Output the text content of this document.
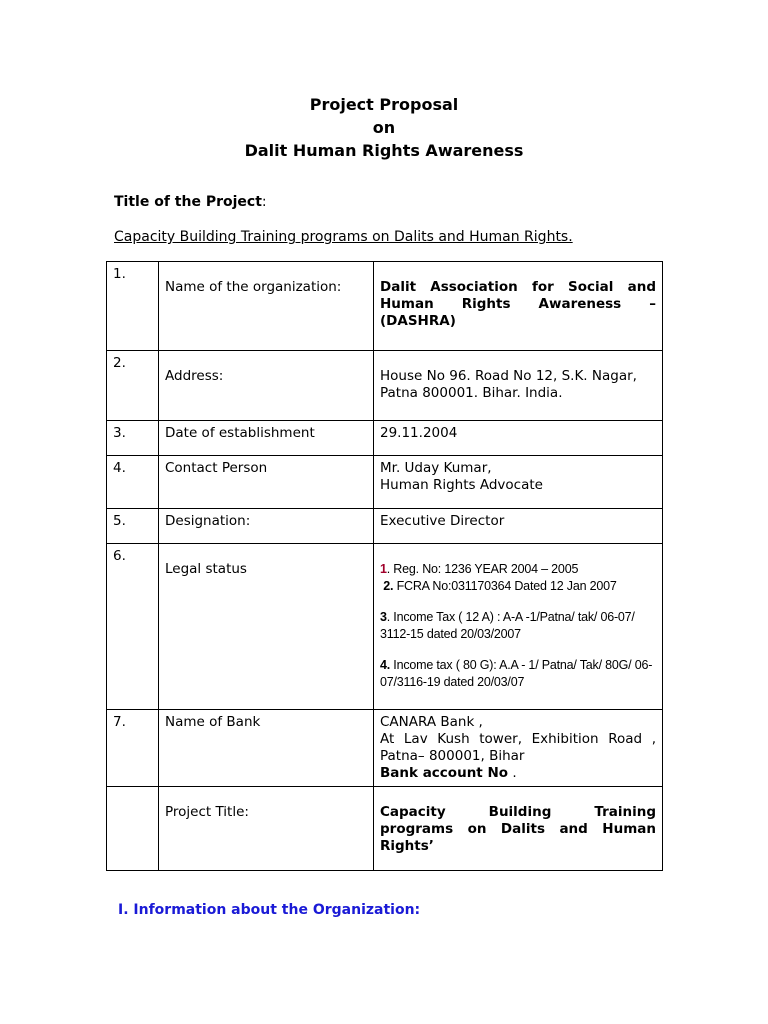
Project Proposal
on
Dalit Human Rights Awareness
Title of the Project:
Capacity Building Training programs on Dalits and Human Rights.
1.	Name of the organization:	Dalit Association for Social and Human Rights Awareness – (DASHRA)
2.	Address:	House No 96. Road No 12, S.K. Nagar, Patna 800001. Bihar. India.
3.	Date of establishment	29.11.2004
4.	Contact Person	Mr. Uday Kumar,
Human Rights Advocate

5.	Designation:	Executive Director
6.	Legal status	1. Reg. No: 1236 YEAR 2004 – 2005

2. FCRA No:031170364 Dated 12 Jan 2007

3. Income Tax ( 12 A) : A-A -1/Patna/ tak/ 06-07/ 3112-15 dated 20/03/2007

4. Income tax ( 80 G): A.A - 1/ Patna/ Tak/ 80G/ 06-07/3116-19 dated 20/03/07

7.	Name of Bank	CANARA Bank ,
At Lav Kush tower, Exhibition Road , Patna– 800001, Bihar
Bank account No .

	Project Title:	Capacity Building Training programs on Dalits and Human Rights’
I. Information about the Organization:
